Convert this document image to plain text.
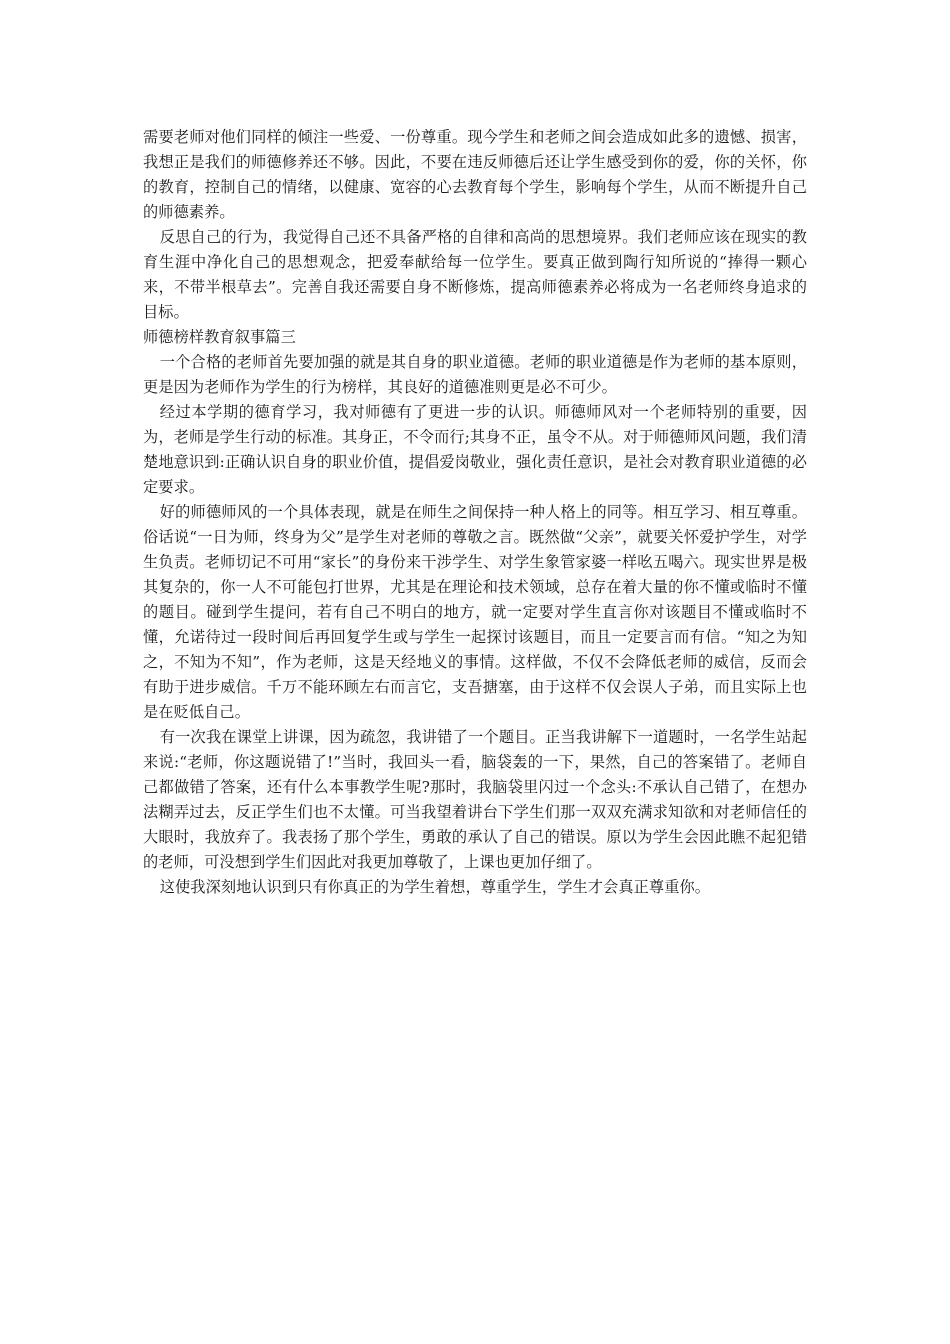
需要老师对他们同样的倾注一些爱、一份尊重。现今学生和老师之间会造成如此多的遗憾、损害，我想正是我们的师德修养还不够。因此，不要在违反师德后还让学生感受到你的爱，你的关怀，你的教育，控制自己的情绪，以健康、宽容的心去教育每个学生，影响每个学生，从而不断提升自己的师德素养。

反思自己的行为，我觉得自己还不具备严格的自律和高尚的思想境界。我们老师应该在现实的教育生涯中净化自己的思想观念，把爱奉献给每一位学生。要真正做到陶行知所说的“捧得一颗心来，不带半根草去”。完善自我还需要自身不断修炼，提高师德素养必将成为一名老师终身追求的目标。

师德榜样教育叙事篇三

一个合格的老师首先要加强的就是其自身的职业道德。老师的职业道德是作为老师的基本原则，更是因为老师作为学生的行为榜样，其良好的道德准则更是必不可少。

经过本学期的德育学习，我对师德有了更进一步的认识。师德师风对一个老师特别的重要，因为，老师是学生行动的标准。其身正，不令而行;其身不正，虽令不从。对于师德师风问题，我们清楚地意识到:正确认识自身的职业价值，提倡爱岗敬业，强化责任意识，是社会对教育职业道德的必定要求。

好的师德师风的一个具体表现，就是在师生之间保持一种人格上的同等。相互学习、相互尊重。俗话说“一日为师，终身为父”是学生对老师的尊敬之言。既然做“父亲”，就要关怀爱护学生，对学生负责。老师切记不可用“家长”的身份来干涉学生、对学生象管家婆一样吆五喝六。现实世界是极其复杂的，你一人不可能包打世界，尤其是在理论和技术领域，总存在着大量的你不懂或临时不懂的题目。碰到学生提问，若有自己不明白的地方，就一定要对学生直言你对该题目不懂或临时不懂，允诺待过一段时间后再回复学生或与学生一起探讨该题目，而且一定要言而有信。“知之为知之，不知为不知”，作为老师，这是天经地义的事情。这样做，不仅不会降低老师的威信，反而会有助于进步威信。千万不能环顾左右而言它，支吾搪塞，由于这样不仅会误人子弟，而且实际上也是在贬低自己。

有一次我在课堂上讲课，因为疏忽，我讲错了一个题目。正当我讲解下一道题时，一名学生站起来说:“老师，你这题说错了!”当时，我回头一看，脑袋轰的一下，果然，自己的答案错了。老师自己都做错了答案，还有什么本事教学生呢?那时，我脑袋里闪过一个念头:不承认自己错了，在想办法糊弄过去，反正学生们也不太懂。可当我望着讲台下学生们那一双双充满求知欲和对老师信任的大眼时，我放弃了。我表扬了那个学生，勇敢的承认了自己的错误。原以为学生会因此瞧不起犯错的老师，可没想到学生们因此对我更加尊敬了，上课也更加仔细了。

这使我深刻地认识到只有你真正的为学生着想，尊重学生，学生才会真正尊重你。
